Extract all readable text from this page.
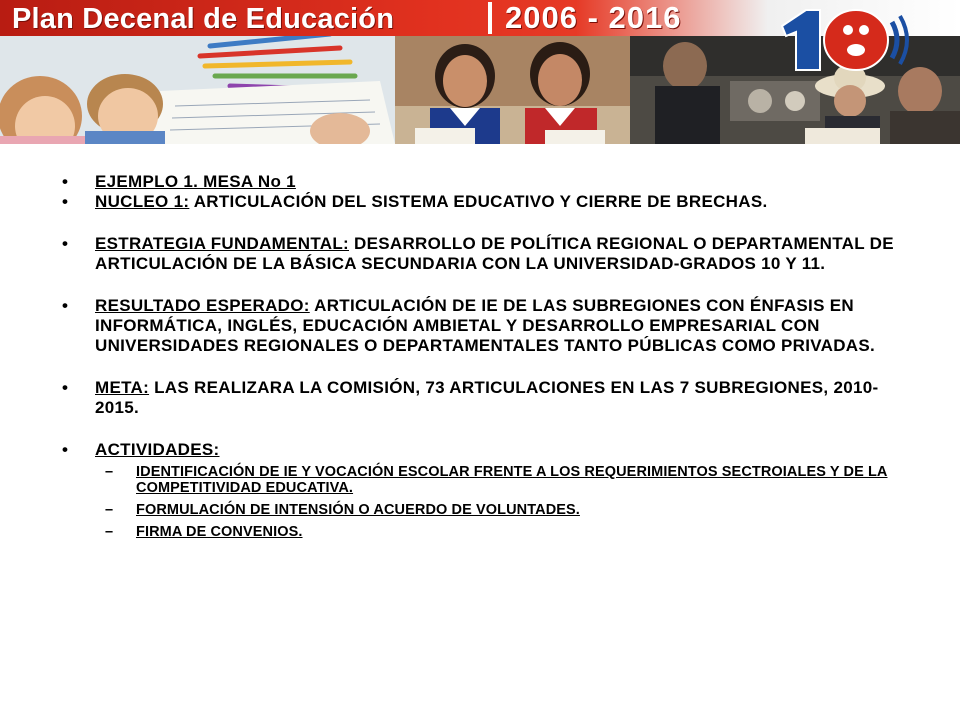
Plan Decenal de Educación	2006 - 2016
10
• EJEMPLO 1. MESA No 1
• NUCLEO 1: ARTICULACIÓN DEL SISTEMA EDUCATIVO Y CIERRE DE BRECHAS.
• ESTRATEGIA FUNDAMENTAL: DESARROLLO DE POLÍTICA REGIONAL O DEPARTAMENTAL DE ARTICULACIÓN DE LA BÁSICA SECUNDARIA CON LA UNIVERSIDAD-GRADOS 10 Y 11.
• RESULTADO ESPERADO: ARTICULACIÓN DE IE DE LAS SUBREGIONES CON ÉNFASIS EN INFORMÁTICA, INGLÉS, EDUCACIÓN AMBIETAL Y DESARROLLO EMPRESARIAL CON UNIVERSIDADES REGIONALES O DEPARTAMENTALES TANTO PÚBLICAS COMO PRIVADAS.
• META: LAS REALIZARA LA COMISIÓN, 73 ARTICULACIONES EN LAS 7 SUBREGIONES, 2010-2015.
• ACTIVIDADES:
– IDENTIFICACIÓN DE IE Y VOCACIÓN ESCOLAR FRENTE A LOS REQUERIMIENTOS SECTROIALES Y DE LA COMPETITIVIDAD EDUCATIVA.
– FORMULACIÓN DE INTENSIÓN O ACUERDO DE VOLUNTADES.
– FIRMA DE CONVENIOS.
